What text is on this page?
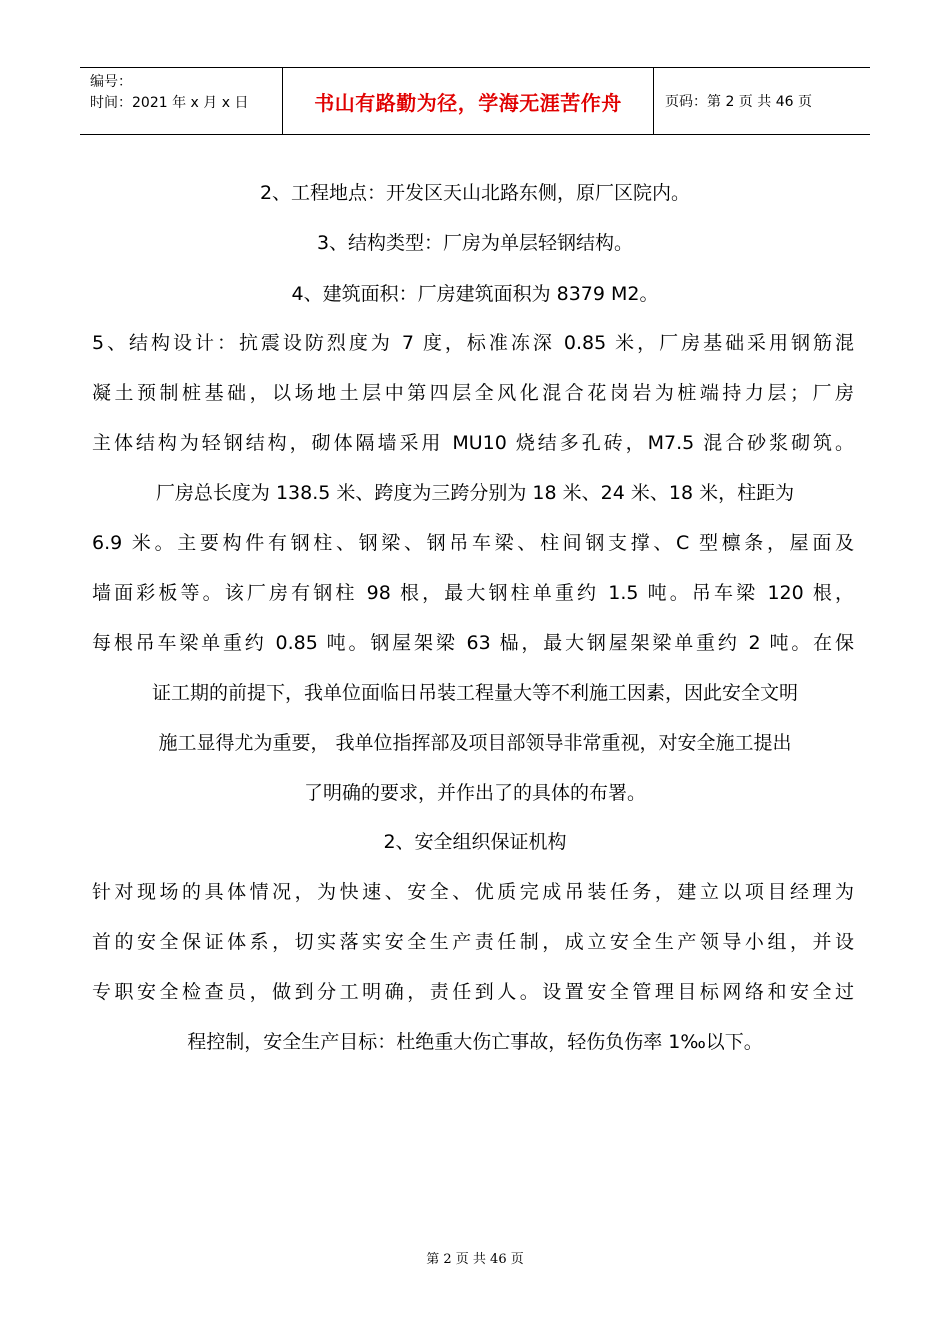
编号：
时间：2021 年 x 月 x 日	书山有路勤为径，学海无涯苦作舟	页码：第 2 页 共 46 页
2、工程地点：开发区天山北路东侧，原厂区院内。
3、结构类型：厂房为单层轻钢结构。
4、建筑面积：厂房建筑面积为 8379 M2。
5、结构设计：抗震设防烈度为 7 度，标准冻深 0.85 米，厂房基础采用钢筋混
凝土预制桩基础，以场地土层中第四层全风化混合花岗岩为桩端持力层；厂房
主体结构为轻钢结构，砌体隔墙采用 MU10 烧结多孔砖，M7.5 混合砂浆砌筑。
厂房总长度为 138.5 米、跨度为三跨分别为 18 米、24 米、18 米，柱距为
6.9 米。主要构件有钢柱、钢梁、钢吊车梁、柱间钢支撑、C 型檩条，屋面及
墙面彩板等。该厂房有钢柱 98 根，最大钢柱单重约 1.5 吨。吊车梁 120 根，
每根吊车梁单重约 0.85 吨。钢屋架梁 63 榀，最大钢屋架梁单重约 2 吨。在保
证工期的前提下，我单位面临日吊装工程量大等不利施工因素，因此安全文明
施工显得尤为重要， 我单位指挥部及项目部领导非常重视，对安全施工提出
了明确的要求，并作出了的具体的布署。
2、安全组织保证机构
针对现场的具体情况，为快速、安全、优质完成吊装任务，建立以项目经理为
首的安全保证体系，切实落实安全生产责任制，成立安全生产领导小组，并设
专职安全检查员，做到分工明确，责任到人。设置安全管理目标网络和安全过
程控制，安全生产目标：杜绝重大伤亡事故，轻伤负伤率 1‰以下。
第 2 页 共 46 页
